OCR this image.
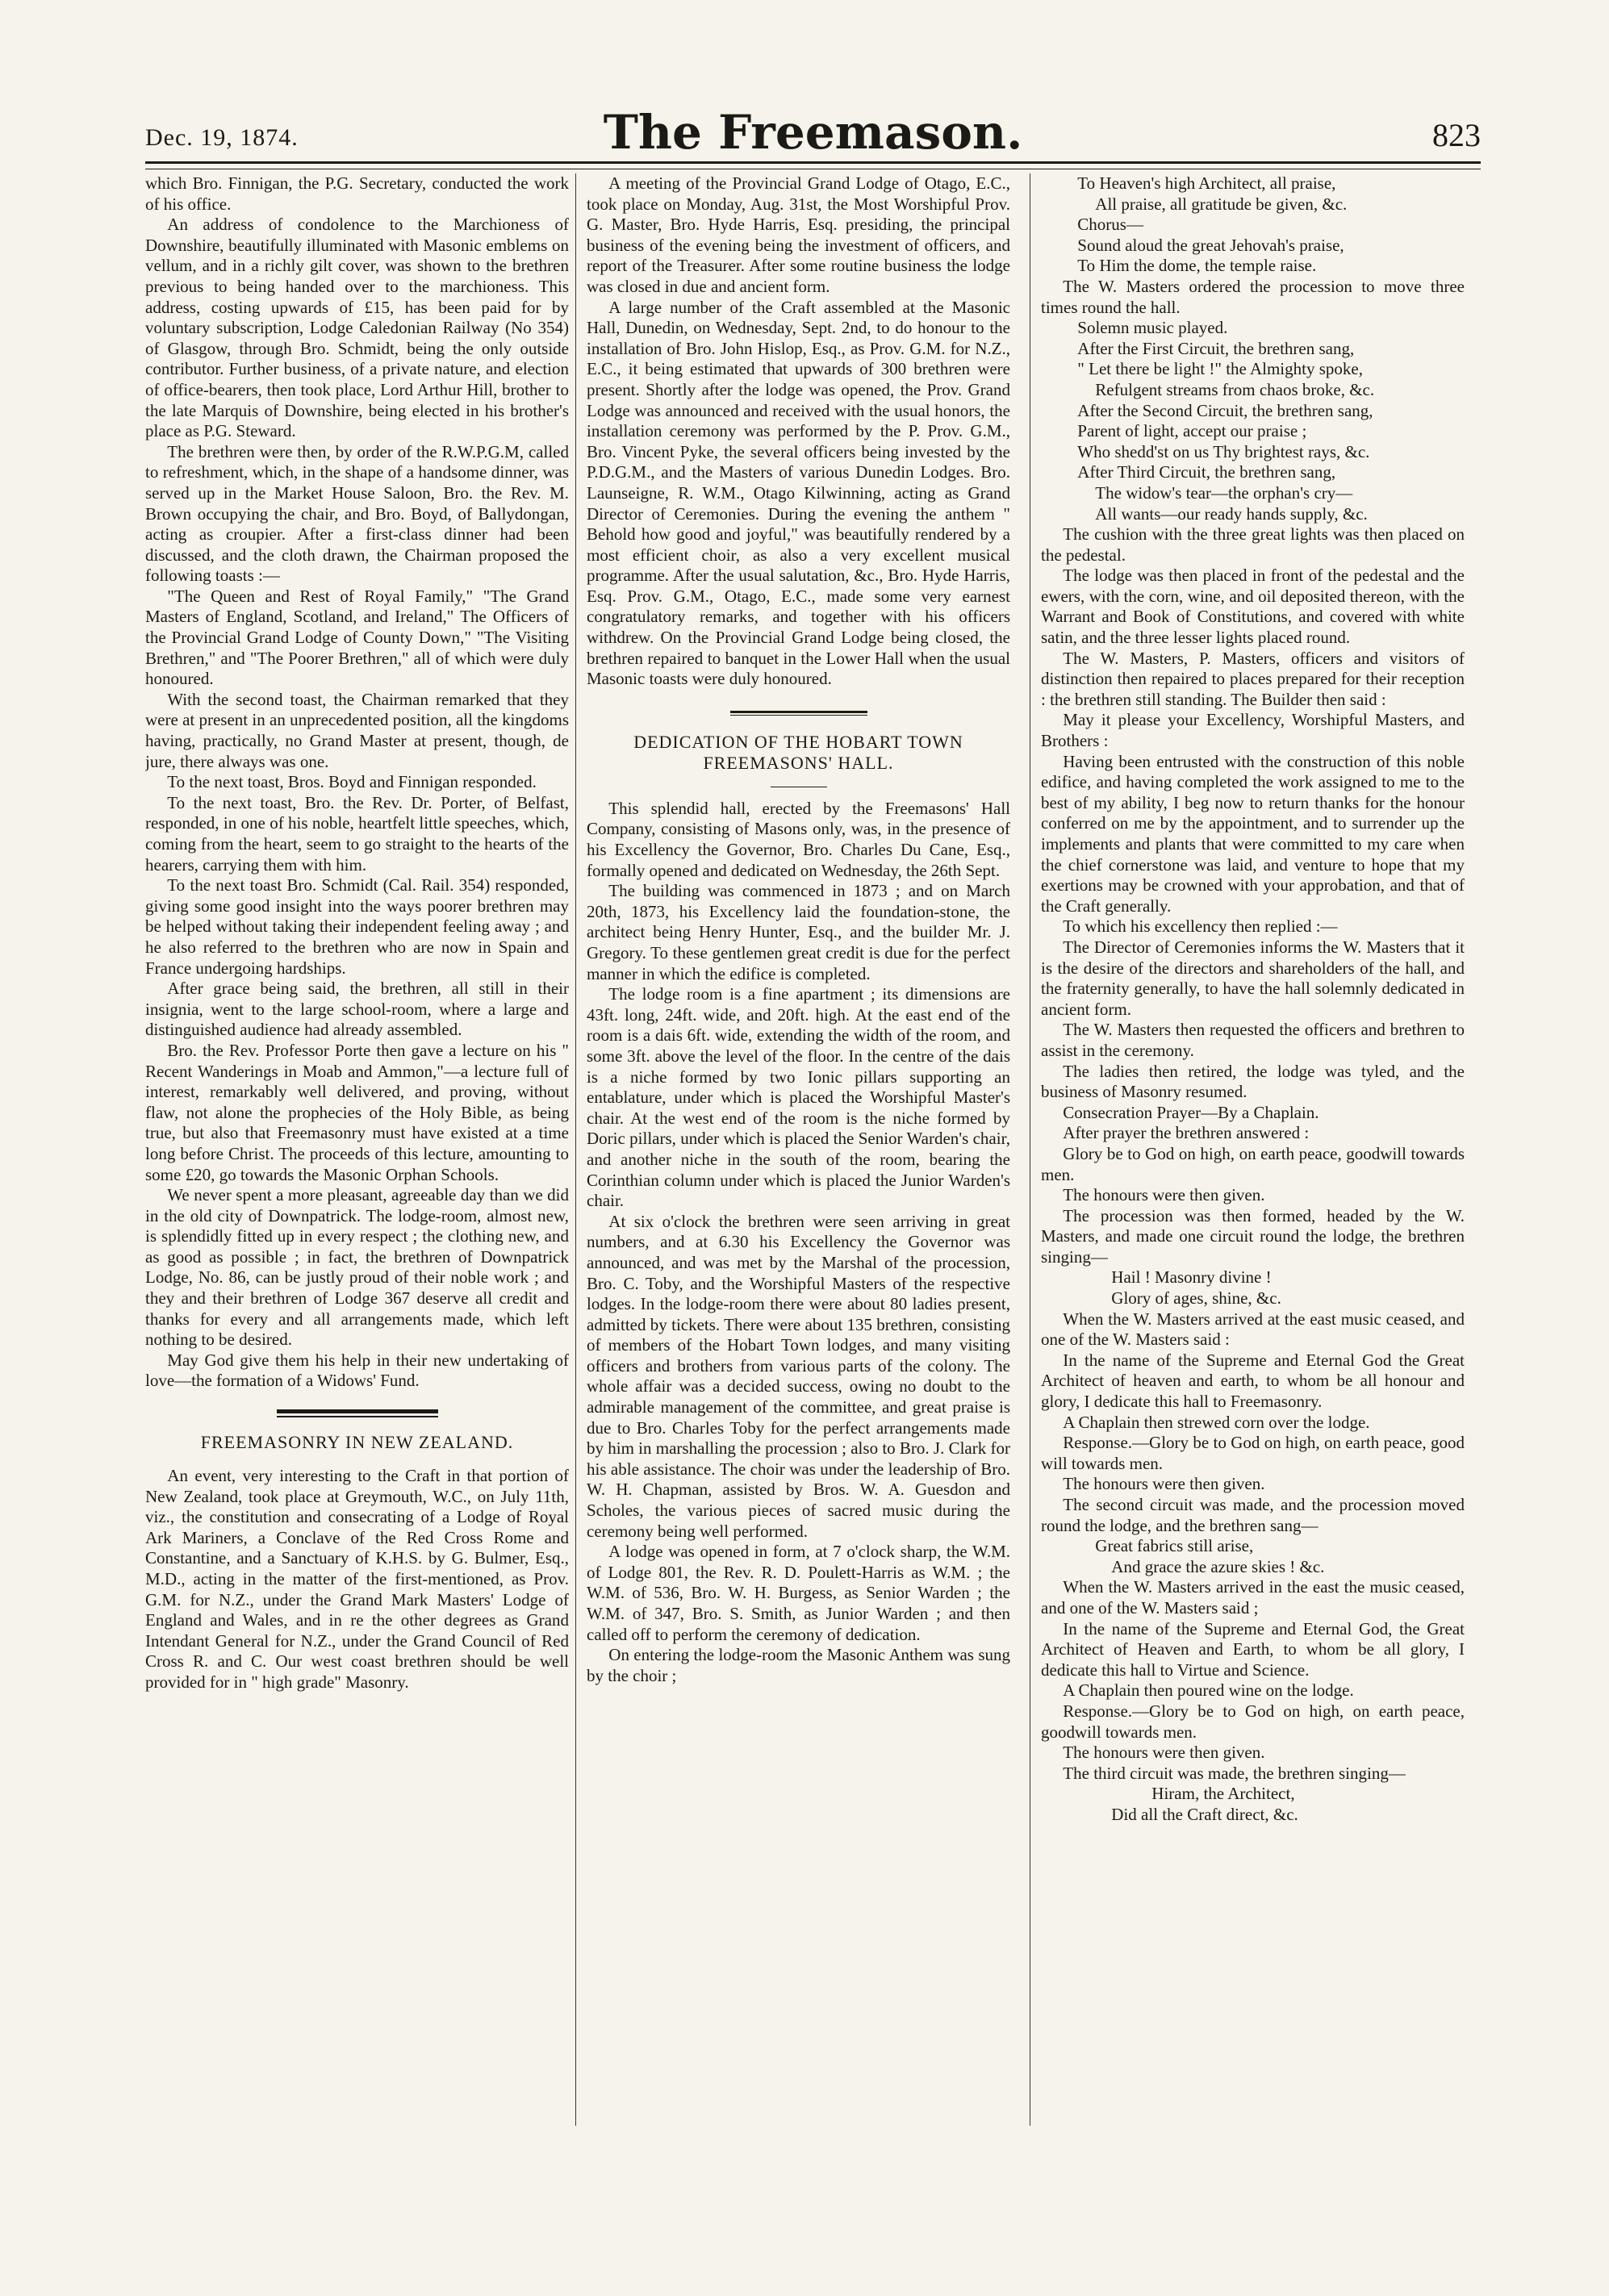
Dec. 19, 1874.	The Freemason.	823

which Bro. Finnigan, the P.G. Secretary, conducted the work of his office.

An address of condolence to the Marchioness of Downshire, beautifully illuminated with Masonic emblems on vellum, and in a richly gilt cover, was shown to the brethren previous to being handed over to the marchioness. This address, costing upwards of £15, has been paid for by voluntary subscription, Lodge Caledonian Railway (No 354) of Glasgow, through Bro. Schmidt, being the only outside contributor. Further business, of a private nature, and election of office-bearers, then took place, Lord Arthur Hill, brother to the late Marquis of Downshire, being elected in his brother's place as P.G. Steward.

The brethren were then, by order of the R.W.P.G.M, called to refreshment, which, in the shape of a handsome dinner, was served up in the Market House Saloon, Bro. the Rev. M. Brown occupying the chair, and Bro. Boyd, of Ballydongan, acting as croupier. After a first-class dinner had been discussed, and the cloth drawn, the Chairman proposed the following toasts :—

"The Queen and Rest of Royal Family," "The Grand Masters of England, Scotland, and Ireland," The Officers of the Provincial Grand Lodge of County Down," "The Visiting Brethren," and "The Poorer Brethren," all of which were duly honoured.

With the second toast, the Chairman remarked that they were at present in an unprecedented position, all the kingdoms having, practically, no Grand Master at present, though, de jure, there always was one.

To the next toast, Bros. Boyd and Finnigan responded.

To the next toast, Bro. the Rev. Dr. Porter, of Belfast, responded, in one of his noble, heartfelt little speeches, which, coming from the heart, seem to go straight to the hearts of the hearers, carrying them with him.

To the next toast Bro. Schmidt (Cal. Rail. 354) responded, giving some good insight into the ways poorer brethren may be helped without taking their independent feeling away ; and he also referred to the brethren who are now in Spain and France undergoing hardships.

After grace being said, the brethren, all still in their insignia, went to the large school-room, where a large and distinguished audience had already assembled.

Bro. the Rev. Professor Porte then gave a lecture on his " Recent Wanderings in Moab and Ammon,"—a lecture full of interest, remarkably well delivered, and proving, without flaw, not alone the prophecies of the Holy Bible, as being true, but also that Freemasonry must have existed at a time long before Christ. The proceeds of this lecture, amounting to some £20, go towards the Masonic Orphan Schools.

We never spent a more pleasant, agreeable day than we did in the old city of Downpatrick. The lodge-room, almost new, is splendidly fitted up in every respect ; the clothing new, and as good as possible ; in fact, the brethren of Downpatrick Lodge, No. 86, can be justly proud of their noble work ; and they and their brethren of Lodge 367 deserve all credit and thanks for every and all arrangements made, which left nothing to be desired.

May God give them his help in their new undertaking of love—the formation of a Widows' Fund.

FREEMASONRY IN NEW ZEALAND.

An event, very interesting to the Craft in that portion of New Zealand, took place at Greymouth, W.C., on July 11th, viz., the constitution and consecrating of a Lodge of Royal Ark Mariners, a Conclave of the Red Cross Rome and Constantine, and a Sanctuary of K.H.S. by G. Bulmer, Esq., M.D., acting in the matter of the first-mentioned, as Prov. G.M. for N.Z., under the Grand Mark Masters' Lodge of England and Wales, and in re the other degrees as Grand Intendant General for N.Z., under the Grand Council of Red Cross R. and C. Our west coast brethren should be well provided for in " high grade" Masonry.

A meeting of the Provincial Grand Lodge of Otago, E.C., took place on Monday, Aug. 31st, the Most Worshipful Prov. G. Master, Bro. Hyde Harris, Esq. presiding, the principal business of the evening being the investment of officers, and report of the Treasurer. After some routine business the lodge was closed in due and ancient form.

A large number of the Craft assembled at the Masonic Hall, Dunedin, on Wednesday, Sept. 2nd, to do honour to the installation of Bro. John Hislop, Esq., as Prov. G.M. for N.Z., E.C., it being estimated that upwards of 300 brethren were present. Shortly after the lodge was opened, the Prov. Grand Lodge was announced and received with the usual honors, the installation ceremony was performed by the P. Prov. G.M., Bro. Vincent Pyke, the several officers being invested by the P.D.G.M., and the Masters of various Dunedin Lodges. Bro. Launseigne, R. W.M., Otago Kilwinning, acting as Grand Director of Ceremonies. During the evening the anthem " Behold how good and joyful," was beautifully rendered by a most efficient choir, as also a very excellent musical programme. After the usual salutation, &c., Bro. Hyde Harris, Esq. Prov. G.M., Otago, E.C., made some very earnest congratulatory remarks, and together with his officers withdrew. On the Provincial Grand Lodge being closed, the brethren repaired to banquet in the Lower Hall when the usual Masonic toasts were duly honoured.

DEDICATION OF THE HOBART TOWN FREEMASONS' HALL.

This splendid hall, erected by the Freemasons' Hall Company, consisting of Masons only, was, in the presence of his Excellency the Governor, Bro. Charles Du Cane, Esq., formally opened and dedicated on Wednesday, the 26th Sept.

The building was commenced in 1873 ; and on March 20th, 1873, his Excellency laid the foundation-stone, the architect being Henry Hunter, Esq., and the builder Mr. J. Gregory. To these gentlemen great credit is due for the perfect manner in which the edifice is completed.

The lodge room is a fine apartment ; its dimensions are 43ft. long, 24ft. wide, and 20ft. high. At the east end of the room is a dais 6ft. wide, extending the width of the room, and some 3ft. above the level of the floor. In the centre of the dais is a niche formed by two Ionic pillars supporting an entablature, under which is placed the Worshipful Master's chair. At the west end of the room is the niche formed by Doric pillars, under which is placed the Senior Warden's chair, and another niche in the south of the room, bearing the Corinthian column under which is placed the Junior Warden's chair.

At six o'clock the brethren were seen arriving in great numbers, and at 6.30 his Excellency the Governor was announced, and was met by the Marshal of the procession, Bro. C. Toby, and the Worshipful Masters of the respective lodges. In the lodge-room there were about 80 ladies present, admitted by tickets. There were about 135 brethren, consisting of members of the Hobart Town lodges, and many visiting officers and brothers from various parts of the colony. The whole affair was a decided success, owing no doubt to the admirable management of the committee, and great praise is due to Bro. Charles Toby for the perfect arrangements made by him in marshalling the procession ; also to Bro. J. Clark for his able assistance. The choir was under the leadership of Bro. W. H. Chapman, assisted by Bros. W. A. Guesdon and Scholes, the various pieces of sacred music during the ceremony being well performed.

A lodge was opened in form, at 7 o'clock sharp, the W.M. of Lodge 801, the Rev. R. D. Poulett-Harris as W.M. ; the W.M. of 536, Bro. W. H. Burgess, as Senior Warden ; the W.M. of 347, Bro. S. Smith, as Junior Warden ; and then called off to perform the ceremony of dedication.

On entering the lodge-room the Masonic Anthem was sung by the choir ;

To Heaven's high Architect, all praise,

All praise, all gratitude be given, &c.

Chorus—

Sound aloud the great Jehovah's praise,

To Him the dome, the temple raise.

The W. Masters ordered the procession to move three times round the hall.

Solemn music played.

After the First Circuit, the brethren sang,

" Let there be light !" the Almighty spoke,

Refulgent streams from chaos broke, &c.

After the Second Circuit, the brethren sang,

Parent of light, accept our praise ;

Who shedd'st on us Thy brightest rays, &c.

After Third Circuit, the brethren sang,

The widow's tear—the orphan's cry—

All wants—our ready hands supply, &c.

The cushion with the three great lights was then placed on the pedestal.

The lodge was then placed in front of the pedestal and the ewers, with the corn, wine, and oil deposited thereon, with the Warrant and Book of Constitutions, and covered with white satin, and the three lesser lights placed round.

The W. Masters, P. Masters, officers and visitors of distinction then repaired to places prepared for their reception : the brethren still standing. The Builder then said :

May it please your Excellency, Worshipful Masters, and Brothers :

Having been entrusted with the construction of this noble edifice, and having completed the work assigned to me to the best of my ability, I beg now to return thanks for the honour conferred on me by the appointment, and to surrender up the implements and plants that were committed to my care when the chief cornerstone was laid, and venture to hope that my exertions may be crowned with your approbation, and that of the Craft generally.

To which his excellency then replied :—

The Director of Ceremonies informs the W. Masters that it is the desire of the directors and shareholders of the hall, and the fraternity generally, to have the hall solemnly dedicated in ancient form.

The W. Masters then requested the officers and brethren to assist in the ceremony.

The ladies then retired, the lodge was tyled, and the business of Masonry resumed.

Consecration Prayer—By a Chaplain.

After prayer the brethren answered :

Glory be to God on high, on earth peace, goodwill towards men.

The honours were then given.

The procession was then formed, headed by the W. Masters, and made one circuit round the lodge, the brethren singing—

Hail ! Masonry divine !

Glory of ages, shine, &c.

When the W. Masters arrived at the east music ceased, and one of the W. Masters said :

In the name of the Supreme and Eternal God the Great Architect of heaven and earth, to whom be all honour and glory, I dedicate this hall to Freemasonry.

A Chaplain then strewed corn over the lodge.

Response.—Glory be to God on high, on earth peace, good will towards men.

The honours were then given.

The second circuit was made, and the procession moved round the lodge, and the brethren sang—

Great fabrics still arise,

And grace the azure skies ! &c.

When the W. Masters arrived in the east the music ceased, and one of the W. Masters said ;

In the name of the Supreme and Eternal God, the Great Architect of Heaven and Earth, to whom be all glory, I dedicate this hall to Virtue and Science.

A Chaplain then poured wine on the lodge.

Response.—Glory be to God on high, on earth peace, goodwill towards men.

The honours were then given.

The third circuit was made, the brethren singing—

Hiram, the Architect,

Did all the Craft direct, &c.
